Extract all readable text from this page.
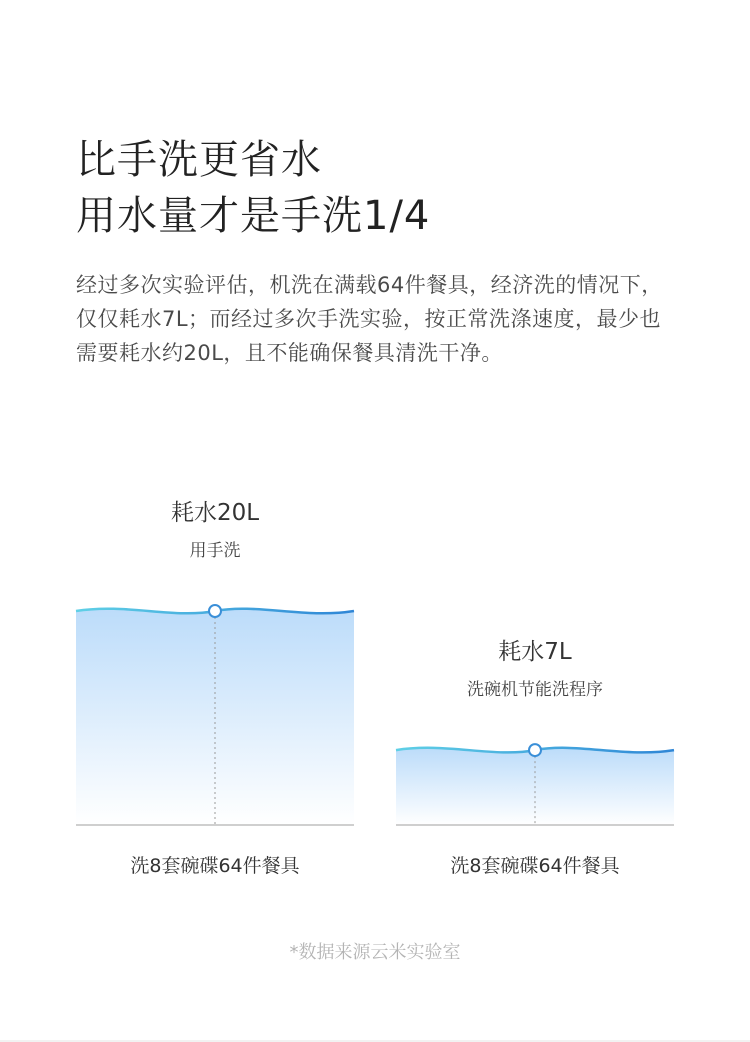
比手洗更省水
用水量才是手洗1/4

经过多次实验评估，机洗在满载64件餐具，经济洗的情况下，仅仅耗水7L；而经过多次手洗实验，按正常洗涤速度，最少也需要耗水约20L，且不能确保餐具清洗干净。

耗水20L
用手洗
洗8套碗碟64件餐具
耗水7L
洗碗机节能洗程序
洗8套碗碟64件餐具
*数据来源云米实验室
